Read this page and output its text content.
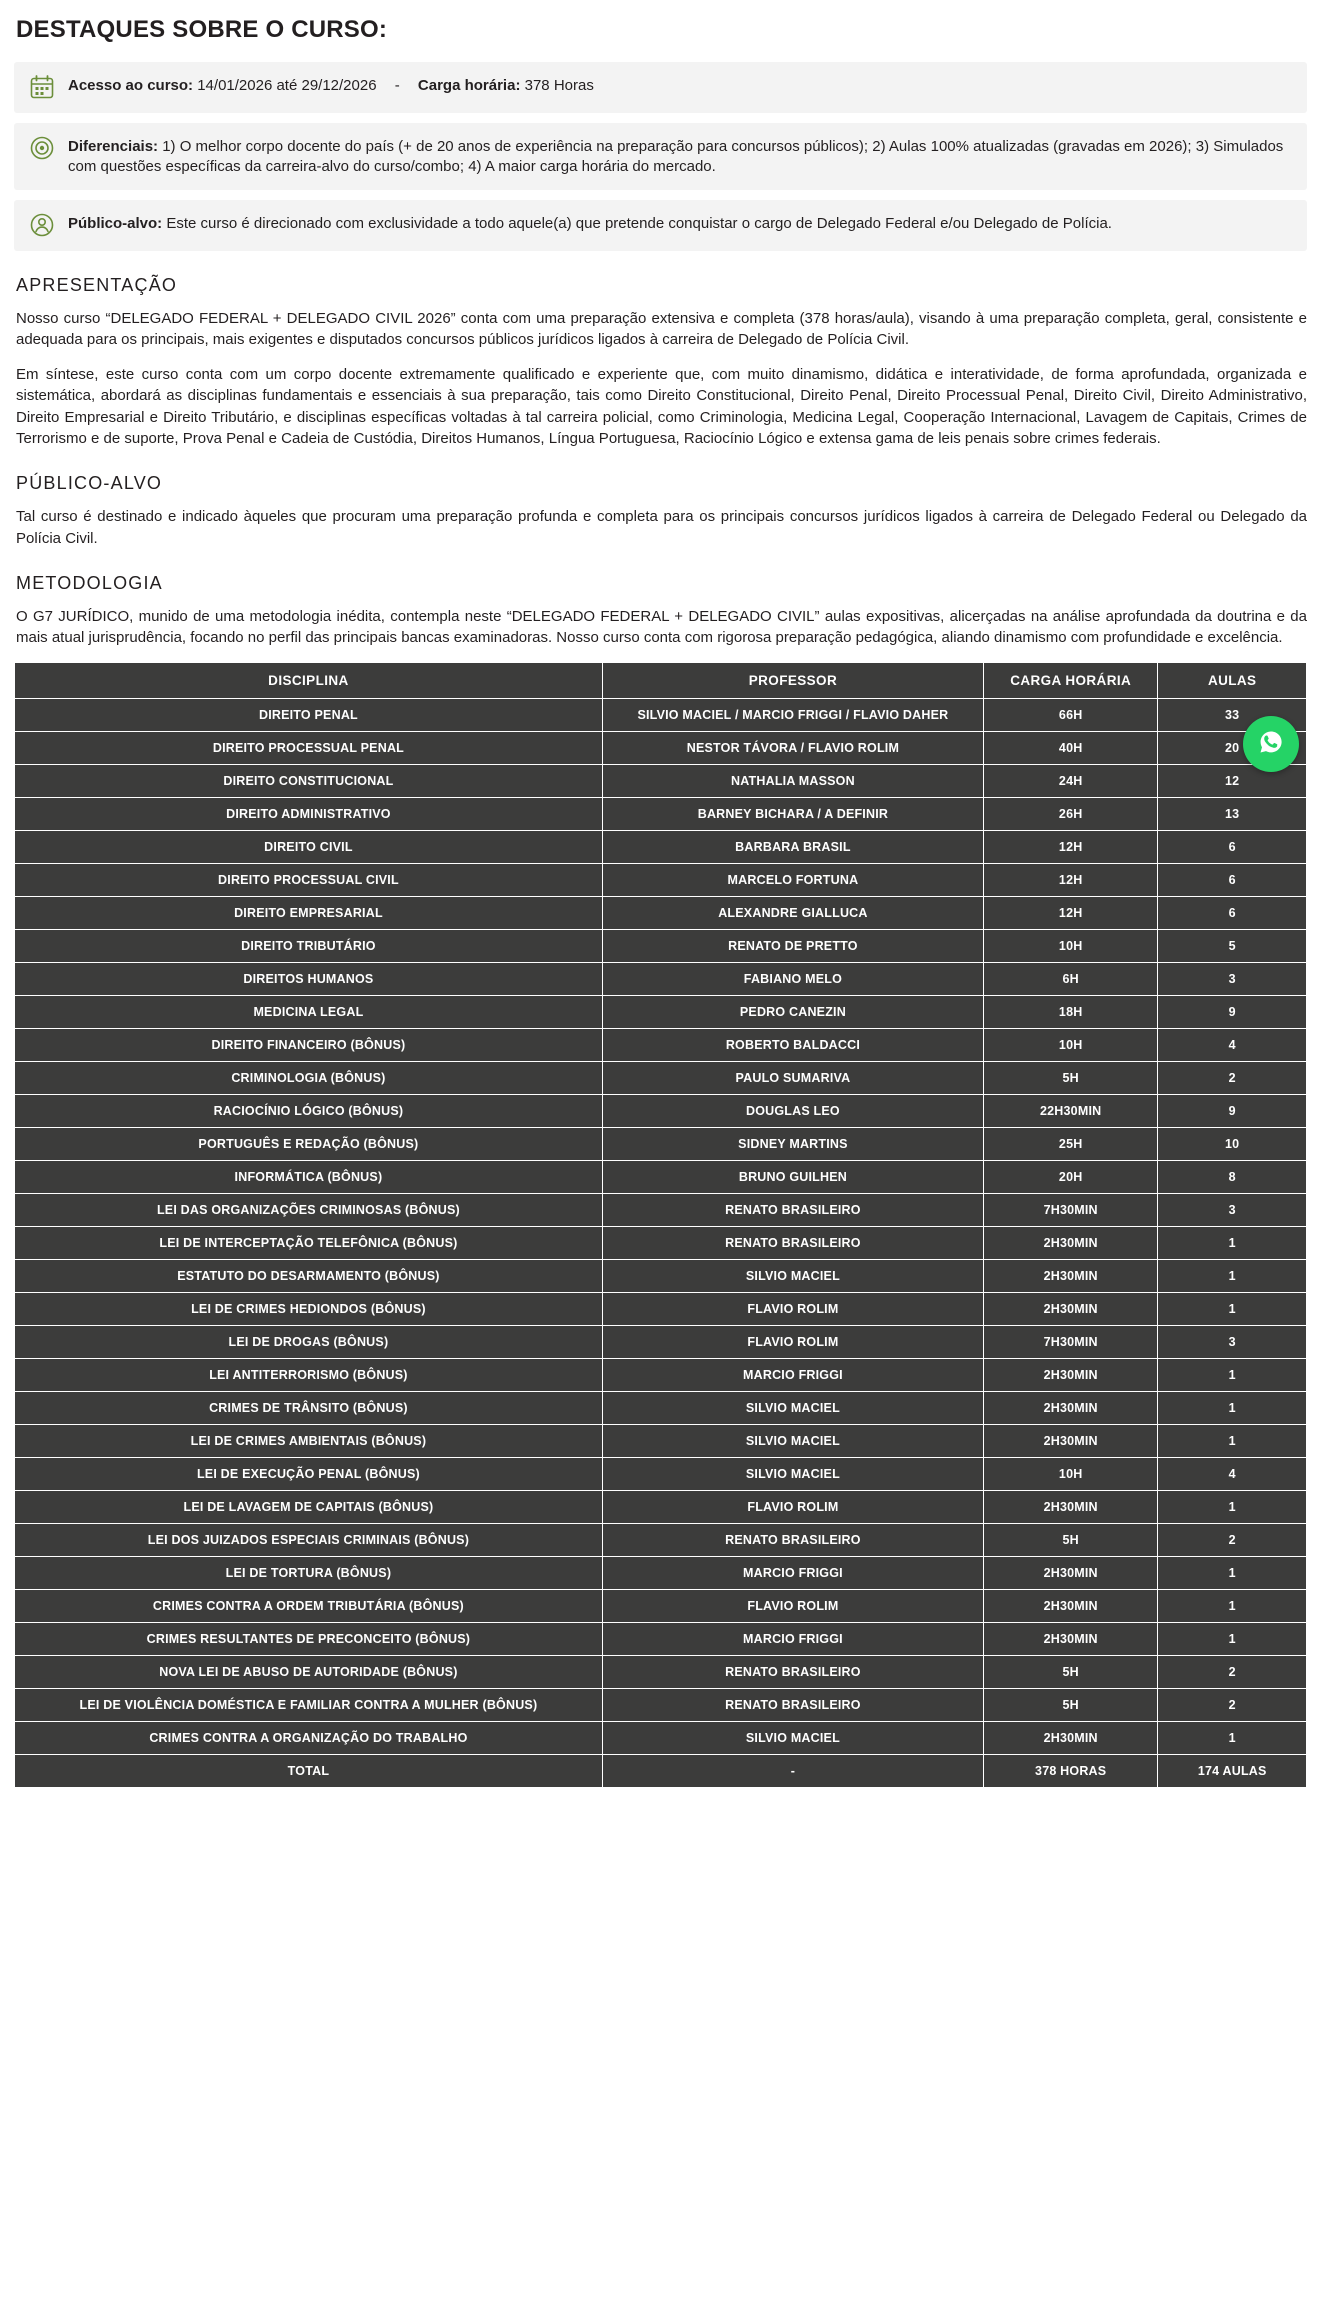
DESTAQUES SOBRE O CURSO:
Acesso ao curso: 14/01/2026 até 29/12/2026 - Carga horária: 378 Horas
Diferenciais: 1) O melhor corpo docente do país (+ de 20 anos de experiência na preparação para concursos públicos); 2) Aulas 100% atualizadas (gravadas em 2026); 3) Simulados com questões específicas da carreira-alvo do curso/combo; 4) A maior carga horária do mercado.
Público-alvo: Este curso é direcionado com exclusividade a todo aquele(a) que pretende conquistar o cargo de Delegado Federal e/ou Delegado de Polícia.
APRESENTAÇÃO

Nosso curso “DELEGADO FEDERAL + DELEGADO CIVIL 2026” conta com uma preparação extensiva e completa (378 horas/aula), visando à uma preparação completa, geral, consistente e adequada para os principais, mais exigentes e disputados concursos públicos jurídicos ligados à carreira de Delegado de Polícia Civil.

Em síntese, este curso conta com um corpo docente extremamente qualificado e experiente que, com muito dinamismo, didática e interatividade, de forma aprofundada, organizada e sistemática, abordará as disciplinas fundamentais e essenciais à sua preparação, tais como Direito Constitucional, Direito Penal, Direito Processual Penal, Direito Civil, Direito Administrativo, Direito Empresarial e Direito Tributário, e disciplinas específicas voltadas à tal carreira policial, como Criminologia, Medicina Legal, Cooperação Internacional, Lavagem de Capitais, Crimes de Terrorismo e de suporte, Prova Penal e Cadeia de Custódia, Direitos Humanos, Língua Portuguesa, Raciocínio Lógico e extensa gama de leis penais sobre crimes federais.

PÚBLICO-ALVO

Tal curso é destinado e indicado àqueles que procuram uma preparação profunda e completa para os principais concursos jurídicos ligados à carreira de Delegado Federal ou Delegado da Polícia Civil.

METODOLOGIA

O G7 JURÍDICO, munido de uma metodologia inédita, contempla neste “DELEGADO FEDERAL + DELEGADO CIVIL” aulas expositivas, alicerçadas na análise aprofundada da doutrina e da mais atual jurisprudência, focando no perfil das principais bancas examinadoras. Nosso curso conta com rigorosa preparação pedagógica, aliando dinamismo com profundidade e excelência.

DISCIPLINA	PROFESSOR	CARGA HORÁRIA	AULAS
DIREITO PENAL	SILVIO MACIEL / MARCIO FRIGGI / FLAVIO DAHER	66H	33
DIREITO PROCESSUAL PENAL	NESTOR TÁVORA / FLAVIO ROLIM	40H	20
DIREITO CONSTITUCIONAL	NATHALIA MASSON	24H	12
DIREITO ADMINISTRATIVO	BARNEY BICHARA / A DEFINIR	26H	13
DIREITO CIVIL	BARBARA BRASIL	12H	6
DIREITO PROCESSUAL CIVIL	MARCELO FORTUNA	12H	6
DIREITO EMPRESARIAL	ALEXANDRE GIALLUCA	12H	6
DIREITO TRIBUTÁRIO	RENATO DE PRETTO	10H	5
DIREITOS HUMANOS	FABIANO MELO	6H	3
MEDICINA LEGAL	PEDRO CANEZIN	18H	9
DIREITO FINANCEIRO (BÔNUS)	ROBERTO BALDACCI	10H	4
CRIMINOLOGIA (BÔNUS)	PAULO SUMARIVA	5H	2
RACIOCÍNIO LÓGICO (BÔNUS)	DOUGLAS LEO	22H30MIN	9
PORTUGUÊS E REDAÇÃO (BÔNUS)	SIDNEY MARTINS	25H	10
INFORMÁTICA (BÔNUS)	BRUNO GUILHEN	20H	8
LEI DAS ORGANIZAÇÕES CRIMINOSAS (BÔNUS)	RENATO BRASILEIRO	7H30MIN	3
LEI DE INTERCEPTAÇÃO TELEFÔNICA (BÔNUS)	RENATO BRASILEIRO	2H30MIN	1
ESTATUTO DO DESARMAMENTO (BÔNUS)	SILVIO MACIEL	2H30MIN	1
LEI DE CRIMES HEDIONDOS (BÔNUS)	FLAVIO ROLIM	2H30MIN	1
LEI DE DROGAS (BÔNUS)	FLAVIO ROLIM	7H30MIN	3
LEI ANTITERRORISMO (BÔNUS)	MARCIO FRIGGI	2H30MIN	1
CRIMES DE TRÂNSITO (BÔNUS)	SILVIO MACIEL	2H30MIN	1
LEI DE CRIMES AMBIENTAIS (BÔNUS)	SILVIO MACIEL	2H30MIN	1
LEI DE EXECUÇÃO PENAL (BÔNUS)	SILVIO MACIEL	10H	4
LEI DE LAVAGEM DE CAPITAIS (BÔNUS)	FLAVIO ROLIM	2H30MIN	1
LEI DOS JUIZADOS ESPECIAIS CRIMINAIS (BÔNUS)	RENATO BRASILEIRO	5H	2
LEI DE TORTURA (BÔNUS)	MARCIO FRIGGI	2H30MIN	1
CRIMES CONTRA A ORDEM TRIBUTÁRIA (BÔNUS)	FLAVIO ROLIM	2H30MIN	1
CRIMES RESULTANTES DE PRECONCEITO (BÔNUS)	MARCIO FRIGGI	2H30MIN	1
NOVA LEI DE ABUSO DE AUTORIDADE (BÔNUS)	RENATO BRASILEIRO	5H	2
LEI DE VIOLÊNCIA DOMÉSTICA E FAMILIAR CONTRA A MULHER (BÔNUS)	RENATO BRASILEIRO	5H	2
CRIMES CONTRA A ORGANIZAÇÃO DO TRABALHO	SILVIO MACIEL	2H30MIN	1
TOTAL	-	378 HORAS	174 AULAS
